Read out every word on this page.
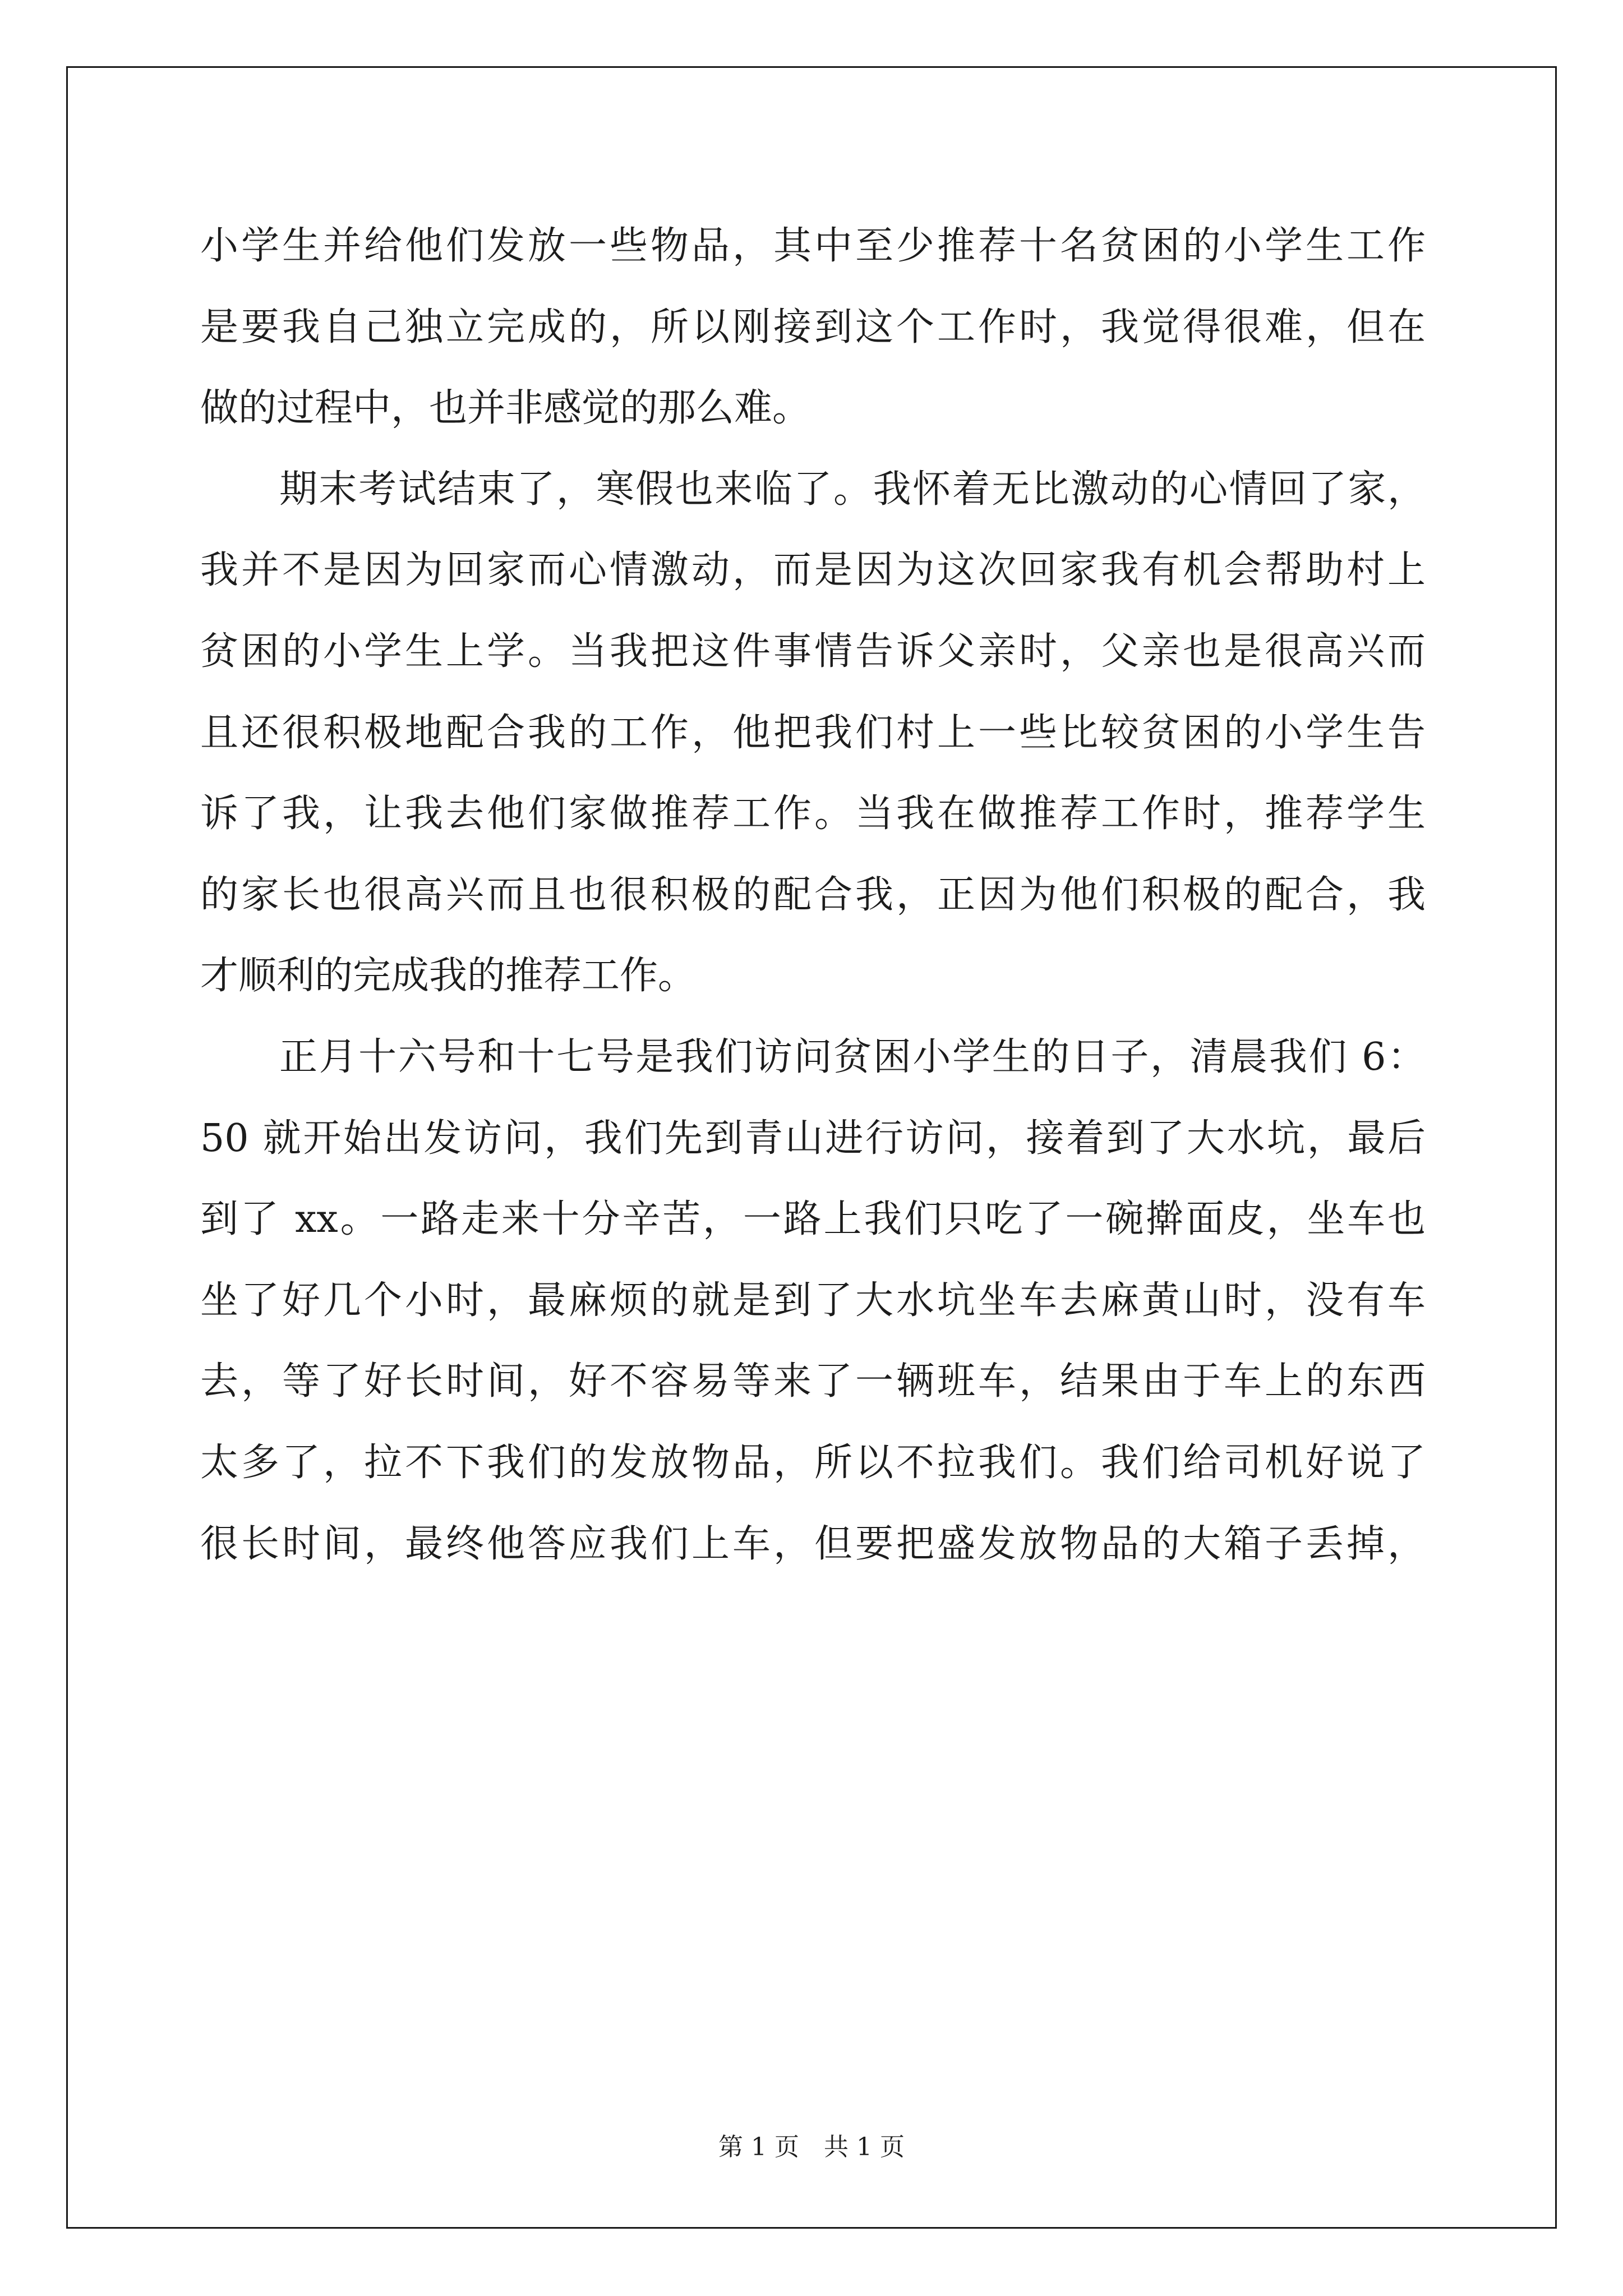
小学生并给他们发放一些物品，其中至少推荐十名贫困的小学生工作
是要我自己独立完成的，所以刚接到这个工作时，我觉得很难，但在
做的过程中，也并非感觉的那么难。
期末考试结束了，寒假也来临了。我怀着无比激动的心情回了家，
我并不是因为回家而心情激动，而是因为这次回家我有机会帮助村上
贫困的小学生上学。当我把这件事情告诉父亲时，父亲也是很高兴而
且还很积极地配合我的工作，他把我们村上一些比较贫困的小学生告
诉了我，让我去他们家做推荐工作。当我在做推荐工作时，推荐学生
的家长也很高兴而且也很积极的配合我，正因为他们积极的配合，我
才顺利的完成我的推荐工作。
正月十六号和十七号是我们访问贫困小学生的日子，清晨我们 6：
50 就开始出发访问，我们先到青山进行访问，接着到了大水坑，最后
到了 xx。一路走来十分辛苦，一路上我们只吃了一碗擀面皮，坐车也
坐了好几个小时，最麻烦的就是到了大水坑坐车去麻黄山时，没有车
去，等了好长时间，好不容易等来了一辆班车，结果由于车上的东西
太多了，拉不下我们的发放物品，所以不拉我们。我们给司机好说了
很长时间，最终他答应我们上车，但要把盛发放物品的大箱子丢掉，
第 1 页　共 1 页
